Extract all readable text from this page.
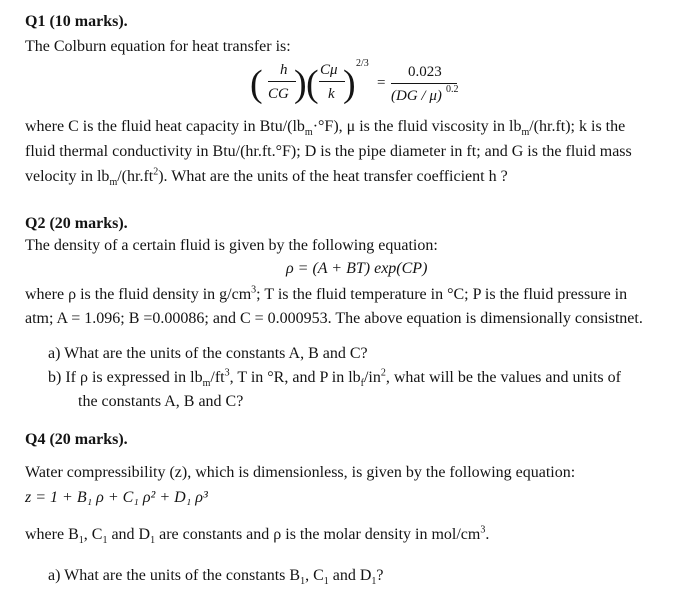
Q1 (10 marks).
The Colburn equation for heat transfer is:
( h
CG ) ( Cμ
k ) 2/3
=
0.023
(DG / μ) 0.2
where C is the fluid heat capacity in Btu/$(lb_m\cdot^\circ F)$, μ is the fluid viscosity in $lb_m/(hr.ft)$; k is the
fluid thermal conductivity in Btu/(hr.ft.°F); D is the pipe diameter in ft; and G is the fluid mass
velocity in $lb_m/(hr.ft^2)$. What are the units of the heat transfer coefficient h ?
Q2 (20 marks).
The density of a certain fluid is given by the following equation:
ρ = (A + BT) exp(CP)
where ρ is the fluid density in $g/cm^3$; T is the fluid temperature in °C; P is the fluid pressure in
atm; A = 1.096; B =0.00086; and C = 0.000953. The above equation is dimensionally consistnet.
a) What are the units of the constants A, B and C?
b) If ρ is expressed in $lb_m/ft^3$, T in °R, and P in $lb_f/in^2$, what will be the values and units of
the constants A, B and C?
Q4 (20 marks).
Water compressibility (z), which is dimensionless, is given by the following equation:
z = 1 + B₁ ρ + C₁ ρ² + D₁ ρ³
where $B_1$, $C_1$ and $D_1$ are constants and ρ is the molar density in mol/$cm^3$.
a) What are the units of the constants $B_1$, $C_1$ and $D_1$?
